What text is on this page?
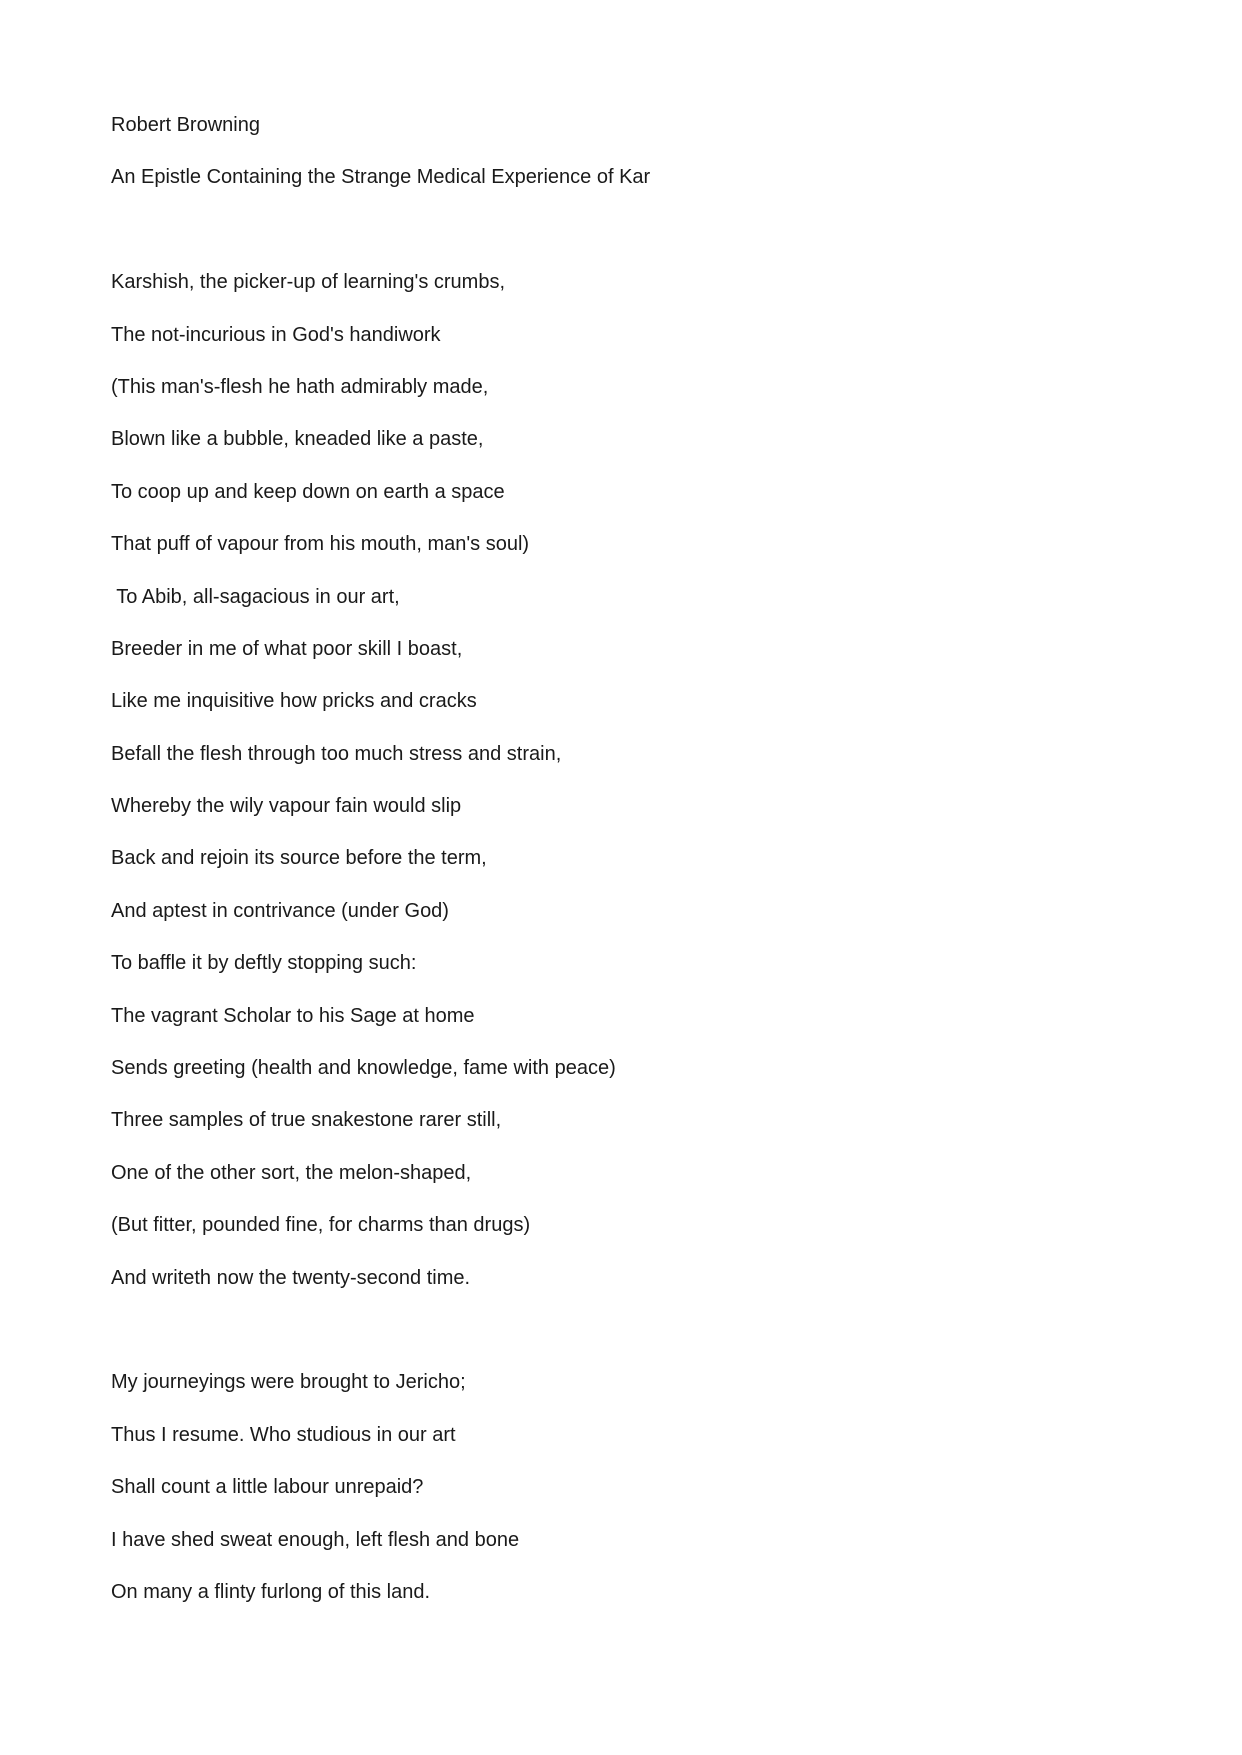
Robert Browning
An Epistle Containing the Strange Medical Experience of Kar
Karshish, the picker-up of learning's crumbs,
The not-incurious in God's handiwork
(This man's-flesh he hath admirably made,
Blown like a bubble, kneaded like a paste,
To coop up and keep down on earth a space
That puff of vapour from his mouth, man's soul)
To Abib, all-sagacious in our art,
Breeder in me of what poor skill I boast,
Like me inquisitive how pricks and cracks
Befall the flesh through too much stress and strain,
Whereby the wily vapour fain would slip
Back and rejoin its source before the term,
And aptest in contrivance (under God)
To baffle it by deftly stopping such:
The vagrant Scholar to his Sage at home
Sends greeting (health and knowledge, fame with peace)
Three samples of true snakestone rarer still,
One of the other sort, the melon-shaped,
(But fitter, pounded fine, for charms than drugs)
And writeth now the twenty-second time.
My journeyings were brought to Jericho;
Thus I resume. Who studious in our art
Shall count a little labour unrepaid?
I have shed sweat enough, left flesh and bone
On many a flinty furlong of this land.
